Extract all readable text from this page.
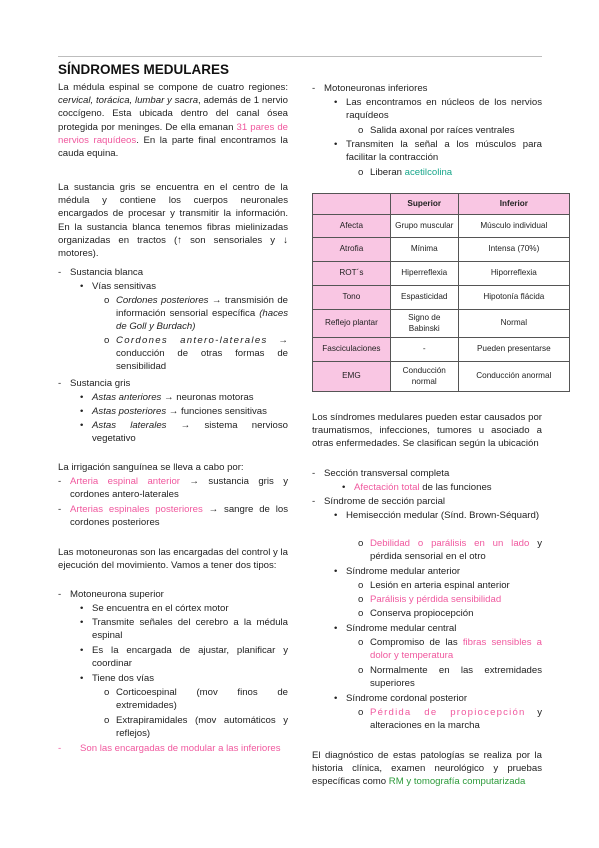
SÍNDROMES MEDULARES
La médula espinal se compone de cuatro regiones: cervical, torácica, lumbar y sacra, además de 1 nervio coccígeno. Esta ubicada dentro del canal ósea protegida por meninges. De ella emanan 31 pares de nervios raquídeos. En la parte final encontramos la cauda equina.
La sustancia gris se encuentra en el centro de la médula y contiene los cuerpos neuronales encargados de procesar y transmitir la información. En la sustancia blanca tenemos fibras mielinizadas organizadas en tractos (↑ son sensoriales y ↓ motores).
- Sustancia blanca
• Vías sensitivas
o Cordones posteriores → transmisión de información sensorial específica (haces de Goll y Burdach)
o Cordones antero-laterales → conducción de otras formas de sensibilidad
- Sustancia gris
• Astas anteriores → neuronas motoras
• Astas posteriores → funciones sensitivas
• Astas laterales → sistema nervioso vegetativo
La irrigación sanguínea se lleva a cabo por:
- Arteria espinal anterior → sustancia gris y cordones antero-laterales
- Arterias espinales posteriores → sangre de los cordones posteriores
Las motoneuronas son las encargadas del control y la ejecución del movimiento. Vamos a tener dos tipos:
- Motoneurona superior
• Se encuentra en el córtex motor
• Transmite señales del cerebro a la médula espinal
• Es la encargada de ajustar, planificar y coordinar
• Tiene dos vías
o Corticoespinal (mov finos de extremidades)
o Extrapiramidales (mov automáticos y reflejos)
-	Son las encargadas de modular a las inferiores
- Motoneuronas inferiores
• Las encontramos en núcleos de los nervios raquídeos
o Salida axonal por raíces ventrales
• Transmiten la señal a los músculos para facilitar la contracción
o Liberan acetilcolina
	Superior	Inferior
Afecta	Grupo muscular	Músculo individual
Atrofia	Mínima	Intensa (70%)
ROT´s	Hiperreflexia	Hiporreflexia
Tono	Espasticidad	Hipotonía flácida
Reflejo plantar	Signo de Babinski	Normal
Fasciculaciones	-	Pueden presentarse
EMG	Conducción normal	Conducción anormal
Los síndromes medulares pueden estar causados por traumatismos, infecciones, tumores u asociado a otras enfermedades. Se clasifican según la ubicación
- Sección transversal completa
• Afectación total de las funciones
- Síndrome de sección parcial
• Hemisección medular (Sínd. Brown-Séquard)
o Debilidad o parálisis en un lado y pérdida sensorial en el otro
• Síndrome medular anterior
o Lesión en arteria espinal anterior
o Parálisis y pérdida sensibilidad
o Conserva propiocepción
• Síndrome medular central
o Compromiso de las fibras sensibles a dolor y temperatura
o Normalmente en las extremidades superiores
• Síndrome cordonal posterior
o Pérdida de propiocepción y alteraciones en la marcha
El diagnóstico de estas patologías se realiza por la historia clínica, examen neurológico y pruebas específicas como RM y tomografía computarizada
